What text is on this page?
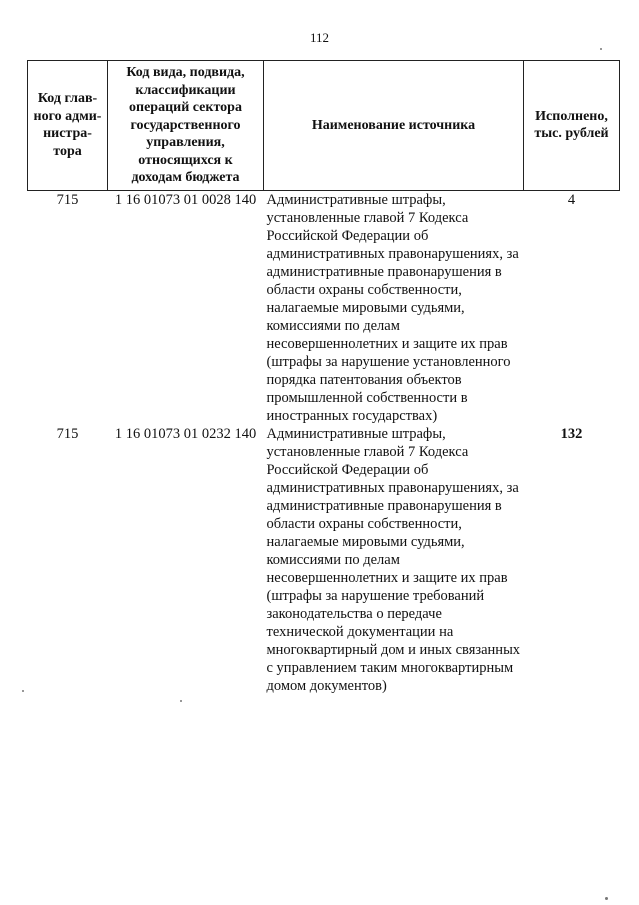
112
Код глав-ного адми-нистра-тора	Код вида, подвида, классификации операций сектора государственного управления, относящихся к доходам бюджета	Наименование источника	Исполнено, тыс. рублей
715	1 16 01073 01 0028 140	Административные штрафы, установленные главой 7 Кодекса Российской Федерации об административных правонарушениях, за административные правонарушения в области охраны собственности, налагаемые мировыми судьями, комиссиями по делам несовершеннолетних и защите их прав (штрафы за нарушение установленного порядка патентования объектов промышленной собственности в иностранных государствах)	4
715	1 16 01073 01 0232 140	Административные штрафы, установленные главой 7 Кодекса Российской Федерации об административных правонарушениях, за административные правонарушения в области охраны собственности, налагаемые мировыми судьями, комиссиями по делам несовершеннолетних и защите их прав (штрафы за нарушение требований законодательства о передаче технической документации на многоквартирный дом и иных связанных с управлением таким многоквартирным домом документов)	132
